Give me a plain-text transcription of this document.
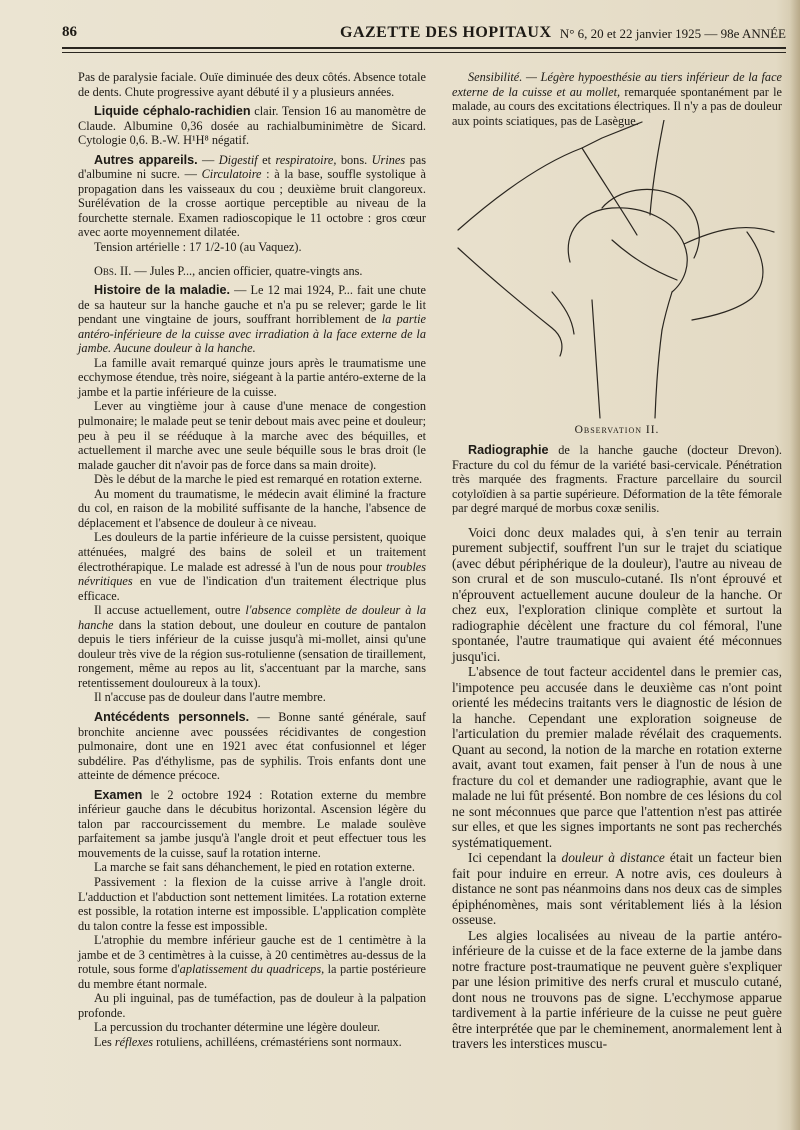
86	GAZETTE DES HOPITAUX N° 6, 20 et 22 janvier 1925 — 98e ANNÉE

Pas de paralysie faciale. Ouïe diminuée des deux côtés. Absence totale de dents. Chute progressive ayant débuté il y a plusieurs années.

Liquide céphalo-rachidien clair. Tension 16 au manomètre de Claude. Albumine 0,36 dosée au rachialbuminimètre de Sicard. Cytologie 0,6. B.-W. H¹H⁸ négatif.

Autres appareils. — Digestif et respiratoire, bons. Urines pas d'albumine ni sucre. — Circulatoire : à la base, souffle systolique à propagation dans les vaisseaux du cou ; deuxième bruit clangoreux. Surélévation de la crosse aortique perceptible au niveau de la fourchette sternale. Examen radioscopique le 11 octobre : gros cœur avec aorte moyennement dilatée.

Tension artérielle : 17 1/2-10 (au Vaquez).

Obs. II. — Jules P..., ancien officier, quatre-vingts ans.

Histoire de la maladie. — Le 12 mai 1924, P... fait une chute de sa hauteur sur la hanche gauche et n'a pu se relever; garde le lit pendant une vingtaine de jours, souffrant horriblement de la partie antéro-inférieure de la cuisse avec irradiation à la face externe de la jambe. Aucune douleur à la hanche.

La famille avait remarqué quinze jours après le traumatisme une ecchymose étendue, très noire, siégeant à la partie antéro-externe de la jambe et la partie inférieure de la cuisse.

Lever au vingtième jour à cause d'une menace de congestion pulmonaire; le malade peut se tenir debout mais avec peine et douleur; peu à peu il se rééduque à la marche avec des béquilles, et actuellement il marche avec une seule béquille sous le bras droit (le malade gaucher dit n'avoir pas de force dans sa main droite).

Dès le début de la marche le pied est remarqué en rotation externe.

Au moment du traumatisme, le médecin avait éliminé la fracture du col, en raison de la mobilité suffisante de la hanche, l'absence de déplacement et l'absence de douleur à ce niveau.

Les douleurs de la partie inférieure de la cuisse persistent, quoique atténuées, malgré des bains de soleil et un traitement électrothérapique. Le malade est adressé à l'un de nous pour troubles névritiques en vue de l'indication d'un traitement électrique plus efficace.

Il accuse actuellement, outre l'absence complète de douleur à la hanche dans la station debout, une douleur en couture de pantalon depuis le tiers inférieur de la cuisse jusqu'à mi-mollet, ainsi qu'une douleur très vive de la région sus-rotulienne (sensation de tiraillement, rongement, même au repos au lit, s'accentuant par la marche, sans retentissement douloureux à la toux).

Il n'accuse pas de douleur dans l'autre membre.

Antécédents personnels. — Bonne santé générale, sauf bronchite ancienne avec poussées récidivantes de congestion pulmonaire, dont une en 1921 avec état confusionnel et léger subdélire. Pas d'éthylisme, pas de syphilis. Trois enfants dont une atteinte de démence précoce.

Examen le 2 octobre 1924 : Rotation externe du membre inférieur gauche dans le décubitus horizontal. Ascension légère du talon par raccourcissement du membre. Le malade soulève parfaitement sa jambe jusqu'à l'angle droit et peut effectuer tous les mouvements de la cuisse, sauf la rotation interne.

La marche se fait sans déhanchement, le pied en rotation externe.

Passivement : la flexion de la cuisse arrive à l'angle droit. L'adduction et l'abduction sont nettement limitées. La rotation externe est possible, la rotation interne est impossible. L'application complète du talon contre la fesse est impossible.

L'atrophie du membre inférieur gauche est de 1 centimètre à la jambe et de 3 centimètres à la cuisse, à 20 centimètres au-dessus de la rotule, sous forme d'aplatissement du quadriceps, la partie postérieure du membre étant normale.

Au pli inguinal, pas de tuméfaction, pas de douleur à la palpation profonde.

La percussion du trochanter détermine une légère douleur.

Les réflexes rotuliens, achilléens, crémastériens sont normaux.

Sensibilité. — Légère hypoesthésie au tiers inférieur de la face externe de la cuisse et au mollet, remarquée spontanément par le malade, au cours des excitations électriques. Il n'y a pas de douleur aux points sciatiques, pas de Lasègue.

Observation II.

Radiographie de la hanche gauche (docteur Drevon). Fracture du col du fémur de la variété basi-cervicale. Pénétration très marquée des fragments. Fracture parcellaire du sourcil cotyloïdien à sa partie supérieure. Déformation de la tête fémorale par degré marqué de morbus coxæ senilis.

Voici donc deux malades qui, à s'en tenir au terrain purement subjectif, souffrent l'un sur le trajet du sciatique (avec début périphérique de la douleur), l'autre au niveau de son crural et de son musculo-cutané. Ils n'ont éprouvé et n'éprouvent actuellement aucune douleur de la hanche. Or chez eux, l'exploration clinique complète et surtout la radiographie décèlent une fracture du col fémoral, l'une spontanée, l'autre traumatique qui avaient été méconnues jusqu'ici.

L'absence de tout facteur accidentel dans le premier cas, l'impotence peu accusée dans le deuxième cas n'ont point orienté les médecins traitants vers le diagnostic de lésion de la hanche. Cependant une exploration soigneuse de l'articulation du premier malade révélait des craquements. Quant au second, la notion de la marche en rotation externe avait, avant tout examen, fait penser à l'un de nous à une fracture du col et demander une radiographie, avant que le malade ne lui fût présenté. Bon nombre de ces lésions du col ne sont méconnues que parce que l'attention n'est pas attirée sur elles, et que les signes importants ne sont pas recherchés systématiquement.

Ici cependant la douleur à distance était un facteur bien fait pour induire en erreur. A notre avis, ces douleurs à distance ne sont pas néanmoins dans nos deux cas de simples épiphénomènes, mais sont véritablement liés à la lésion osseuse.

Les algies localisées au niveau de la partie antéro-inférieure de la cuisse et de la face externe de la jambe dans notre fracture post-traumatique ne peuvent guère s'expliquer par une lésion primitive des nerfs crural et musculo cutané, dont nous ne trouvons pas de signe. L'ecchymose apparue tardivement à la partie inférieure de la cuisse ne peut guère être interprétée que par le cheminement, anormalement lent à travers les interstices muscu-
